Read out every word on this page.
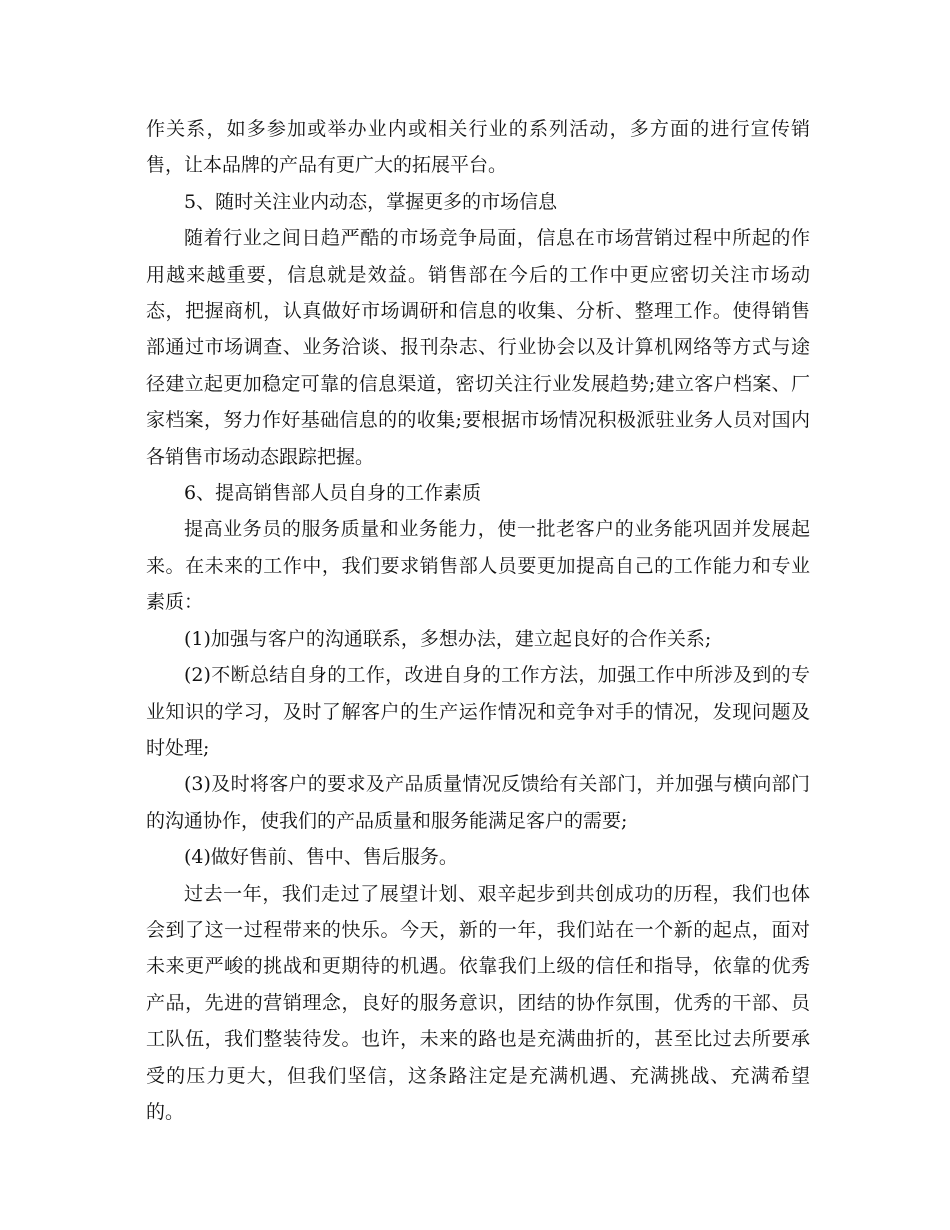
作关系，如多参加或举办业内或相关行业的系列活动，多方面的进行宣传销售，让本品牌的产品有更广大的拓展平台。

5、随时关注业内动态，掌握更多的市场信息

随着行业之间日趋严酷的市场竞争局面，信息在市场营销过程中所起的作用越来越重要，信息就是效益。销售部在今后的工作中更应密切关注市场动态，把握商机，认真做好市场调研和信息的收集、分析、整理工作。使得销售部通过市场调查、业务洽谈、报刊杂志、行业协会以及计算机网络等方式与途径建立起更加稳定可靠的信息渠道，密切关注行业发展趋势;建立客户档案、厂家档案，努力作好基础信息的的收集;要根据市场情况积极派驻业务人员对国内各销售市场动态跟踪把握。

6、提高销售部人员自身的工作素质

提高业务员的服务质量和业务能力，使一批老客户的业务能巩固并发展起来。在未来的工作中，我们要求销售部人员要更加提高自己的工作能力和专业素质：

(1)加强与客户的沟通联系，多想办法，建立起良好的合作关系;

(2)不断总结自身的工作，改进自身的工作方法，加强工作中所涉及到的专业知识的学习，及时了解客户的生产运作情况和竞争对手的情况，发现问题及时处理;

(3)及时将客户的要求及产品质量情况反馈给有关部门，并加强与横向部门的沟通协作，使我们的产品质量和服务能满足客户的需要;

(4)做好售前、售中、售后服务。

过去一年，我们走过了展望计划、艰辛起步到共创成功的历程，我们也体会到了这一过程带来的快乐。今天，新的一年，我们站在一个新的起点，面对未来更严峻的挑战和更期待的机遇。依靠我们上级的信任和指导，依靠的优秀产品，先进的营销理念，良好的服务意识，团结的协作氛围，优秀的干部、员工队伍，我们整装待发。也许，未来的路也是充满曲折的，甚至比过去所要承受的压力更大，但我们坚信，这条路注定是充满机遇、充满挑战、充满希望的。
